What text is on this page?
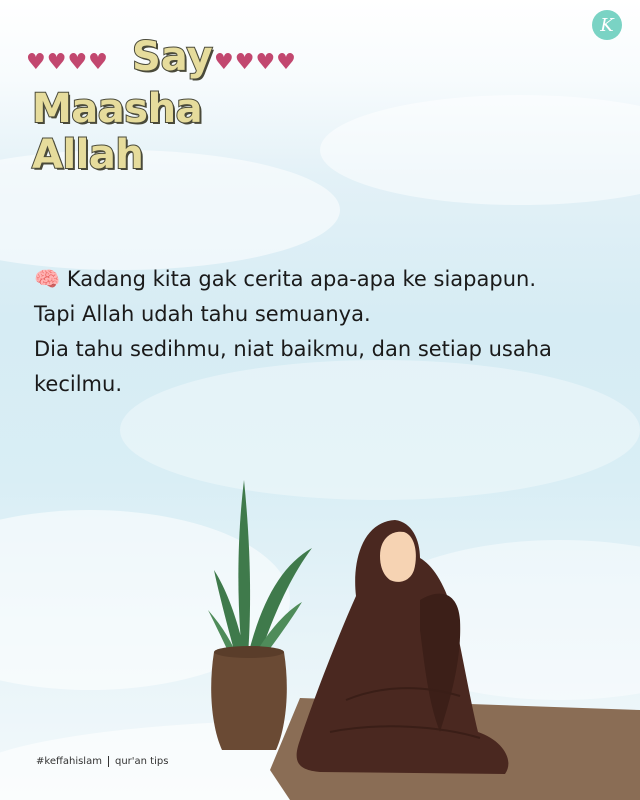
K
♥♥♥♥ Say ♥♥♥♥
Maasha Allah

🧠 Kadang kita gak cerita apa-apa ke siapapun.

Tapi Allah udah tahu semuanya.

Dia tahu sedihmu, niat baikmu, dan setiap usaha

kecilmu.

#keffahislam qur'an tips
